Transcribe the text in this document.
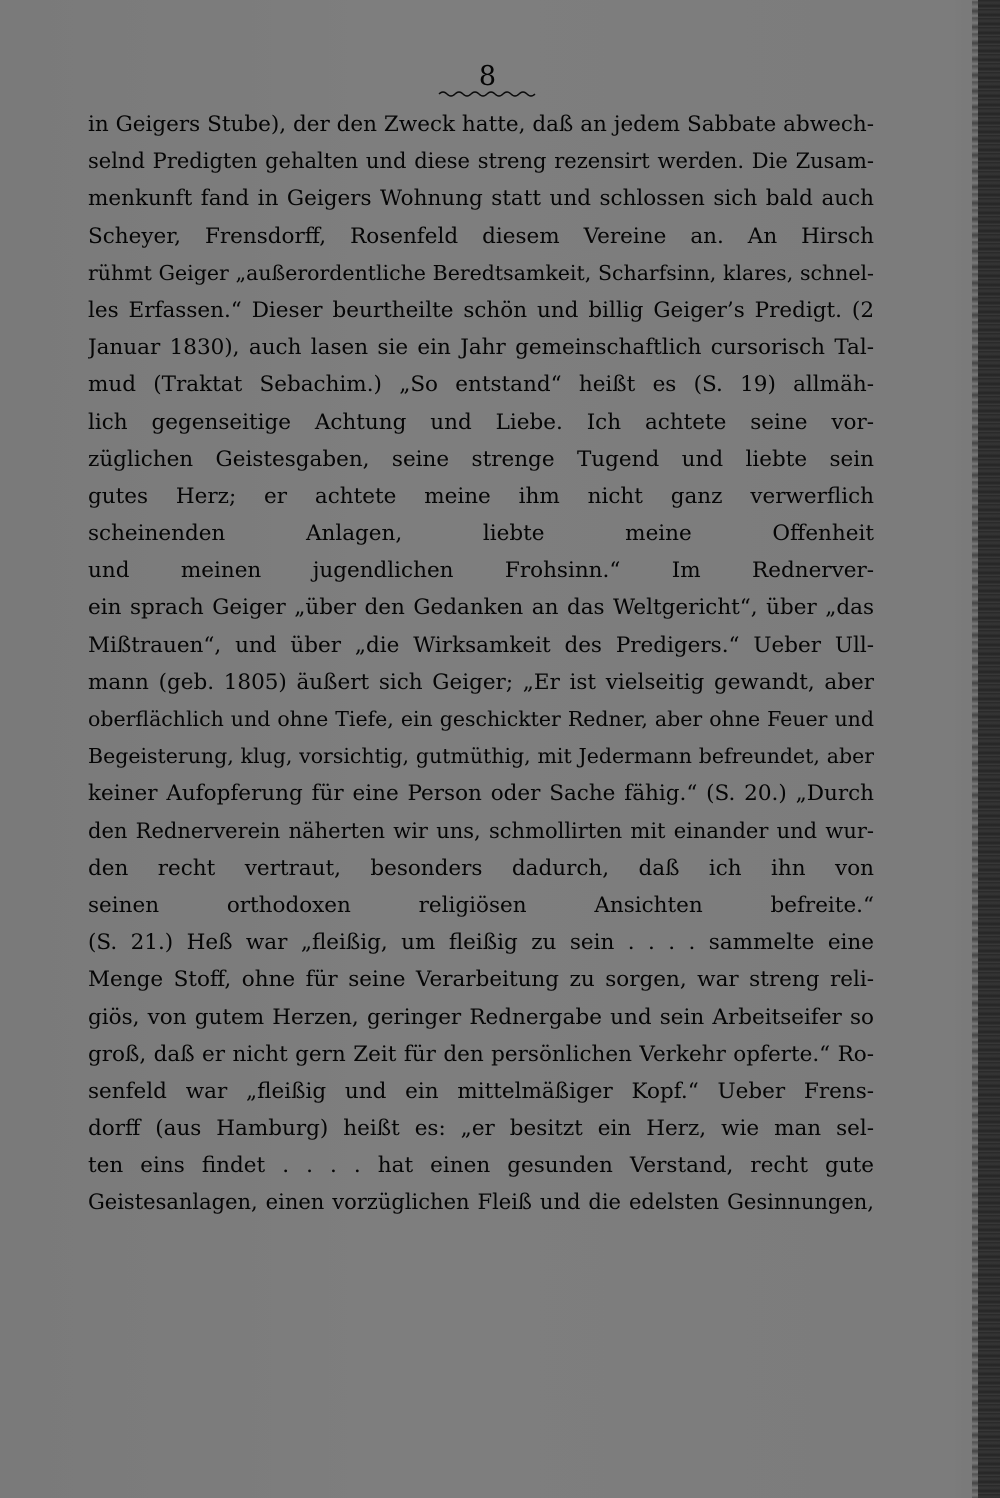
8
in Geigers Stube), der den Zweck hatte, daß an jedem Sabbate abwech-
selnd Predigten gehalten und diese streng rezensirt werden. Die Zusam-
menkunft fand in Geigers Wohnung statt und schlossen sich bald auch
Scheyer, Frensdorff, Rosenfeld diesem Vereine an. An Hirsch
rühmt Geiger „außerordentliche Beredtsamkeit, Scharfsinn, klares, schnel-
les Erfassen.“ Dieser beurtheilte schön und billig Geiger’s Predigt. (2
Januar 1830), auch lasen sie ein Jahr gemeinschaftlich cursorisch Tal-
mud (Traktat Sebachim.) „So entstand“ heißt es (S. 19) allmäh-
lich gegenseitige Achtung und Liebe. Ich achtete seine vor-
züglichen Geistesgaben, seine strenge Tugend und liebte sein
gutes Herz; er achtete meine ihm nicht ganz verwerflich
scheinenden Anlagen, liebte meine Offenheit
und meinen jugendlichen Frohsinn.“ Im Rednerver-
ein sprach Geiger „über den Gedanken an das Weltgericht“, über „das
Mißtrauen“, und über „die Wirksamkeit des Predigers.“ Ueber Ull-
mann (geb. 1805) äußert sich Geiger; „Er ist vielseitig gewandt, aber
oberflächlich und ohne Tiefe, ein geschickter Redner, aber ohne Feuer und
Begeisterung, klug, vorsichtig, gutmüthig, mit Jedermann befreundet, aber
keiner Aufopferung für eine Person oder Sache fähig.“ (S. 20.) „Durch
den Rednerverein näherten wir uns, schmollirten mit einander und wur-
den recht vertraut, besonders dadurch, daß ich ihn von
seinen orthodoxen religiösen Ansichten befreite.“
(S. 21.) Heß war „fleißig, um fleißig zu sein . . . . sammelte eine
Menge Stoff, ohne für seine Verarbeitung zu sorgen, war streng reli-
giös, von gutem Herzen, geringer Rednergabe und sein Arbeitseifer so
groß, daß er nicht gern Zeit für den persönlichen Verkehr opferte.“ Ro-
senfeld war „fleißig und ein mittelmäßiger Kopf.“ Ueber Frens-
dorff (aus Hamburg) heißt es: „er besitzt ein Herz, wie man sel-
ten eins findet . . . . hat einen gesunden Verstand, recht gute
Geistesanlagen, einen vorzüglichen Fleiß und die edelsten Gesinnungen,
